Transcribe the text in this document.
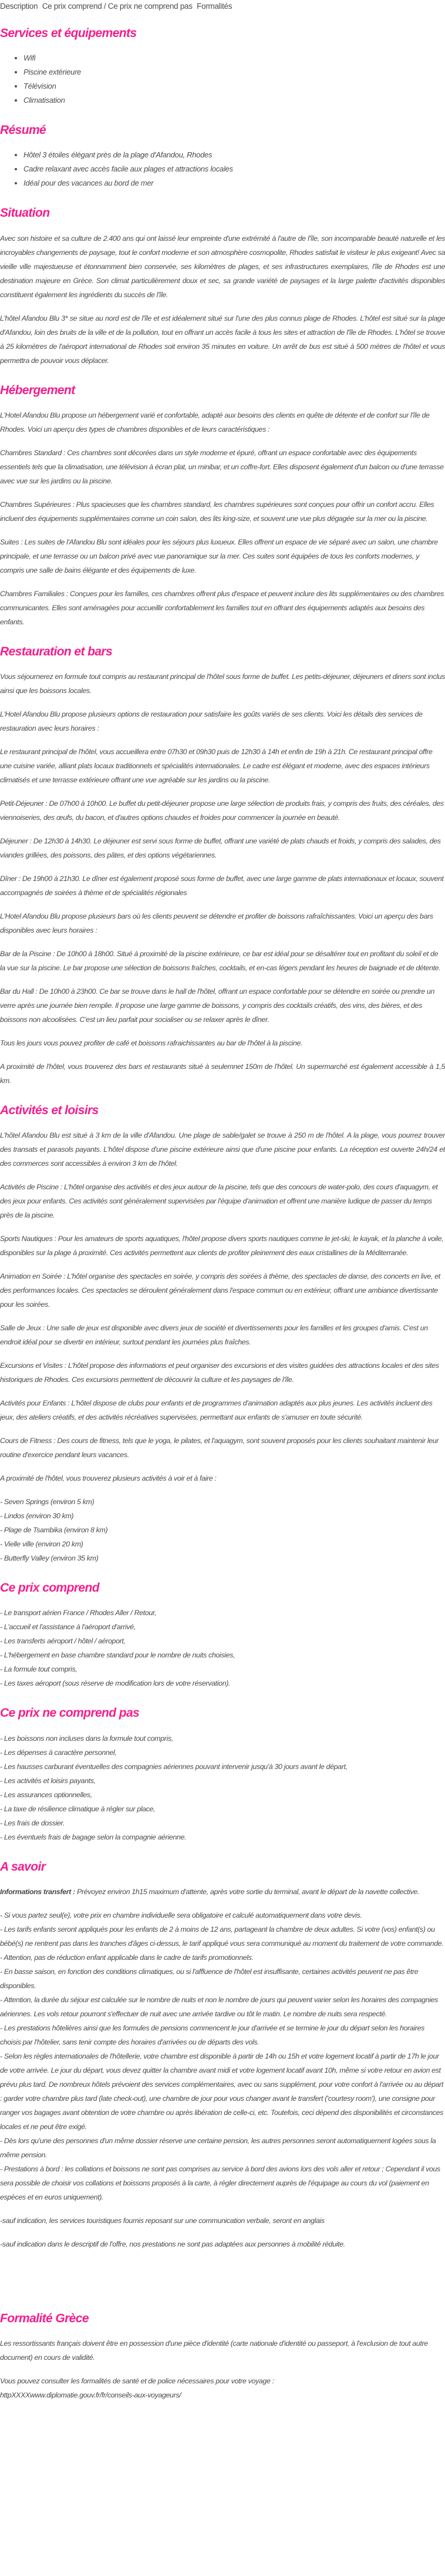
Description Ce prix comprend / Ce prix ne comprend pas Formalités
Services et équipements
• Wifi
• Piscine extérieure
• Télévision
• Climatisation
Résumé
• Hôtel 3 étoiles élégant près de la plage d'Afandou, Rhodes
• Cadre relaxant avec accès facile aux plages et attractions locales
• Idéal pour des vacances au bord de mer
Situation

Avec son histoire et sa culture de 2.400 ans qui ont laissé leur empreinte d'une extrémité à l'autre de l'île, son incomparable beauté naturelle et les incroyables changements de paysage, tout le confort moderne et son atmosphère cosmopolite, Rhodes satisfait le visiteur le plus exigeant! Avec sa vieille ville majestueuse et étonnamment bien conservée, ses kilomètres de plages, et ses infrastructures exemplaires, l'île de Rhodes est une destination majeure en Grèce. Son climat particulièrement doux et sec, sa grande variété de paysages et la large palette d'activités disponibles constituent également les ingrédients du succès de l'île.

L'hôtel Afandou Blu 3* se situe au nord est de l'île et est idéalement situé sur l'une des plus connus plage de Rhodes. L'hôtel est situé sur la plage d'Afandou, loin des bruits de la ville et de la pollution, tout en offrant un accès facile à tous les sites et attraction de l'île de Rhodes. L'hôtel se trouve à 25 kilomètres de l'aéroport international de Rhodes soit environ 35 minutes en voiture. Un arrêt de bus est situé à 500 mètres de l'hôtel et vous permettra de pouvoir vous déplacer.

Hébergement

L'Hotel Afandou Blu propose un hébergement varié et confortable, adapté aux besoins des clients en quête de détente et de confort sur l'île de Rhodes. Voici un aperçu des types de chambres disponibles et de leurs caractéristiques :

Chambres Standard : Ces chambres sont décorées dans un style moderne et épuré, offrant un espace confortable avec des équipements essentiels tels que la climatisation, une télévision à écran plat, un minibar, et un coffre-fort. Elles disposent également d'un balcon ou d'une terrasse avec vue sur les jardins ou la piscine.

Chambres Supérieures : Plus spacieuses que les chambres standard, les chambres supérieures sont conçues pour offrir un confort accru. Elles incluent des équipements supplémentaires comme un coin salon, des lits king-size, et souvent une vue plus dégagée sur la mer ou la piscine.

Suites : Les suites de l'Afandou Blu sont idéales pour les séjours plus luxueux. Elles offrent un espace de vie séparé avec un salon, une chambre principale, et une terrasse ou un balcon privé avec vue panoramique sur la mer. Ces suites sont équipées de tous les conforts modernes, y compris une salle de bains élégante et des équipements de luxe.

Chambres Familiales : Conçues pour les familles, ces chambres offrent plus d'espace et peuvent inclure des lits supplémentaires ou des chambres communicantes. Elles sont aménagées pour accueillir confortablement les familles tout en offrant des équipements adaptés aux besoins des enfants.

Restauration et bars

Vous séjournerez en formule tout compris au restaurant principal de l'hôtel sous forme de buffet. Les petits-déjeuner, déjeuners et diners sont inclus ainsi que les boissons locales.

L'Hotel Afandou Blu propose plusieurs options de restauration pour satisfaire les goûts variés de ses clients. Voici les détails des services de restauration avec leurs horaires :

Le restaurant principal de l'hôtel, vous accueillera entre 07h30 et 09h30 puis de 12h30 à 14h et enfin de 19h à 21h. Ce restaurant principal offre une cuisine variée, alliant plats locaux traditionnels et spécialités internationales. Le cadre est élégant et moderne, avec des espaces intérieurs climatisés et une terrasse extérieure offrant une vue agréable sur les jardins ou la piscine.

Petit-Déjeuner : De 07h00 à 10h00. Le buffet du petit-déjeuner propose une large sélection de produits frais, y compris des fruits, des céréales, des viennoiseries, des œufs, du bacon, et d'autres options chaudes et froides pour commencer la journée en beauté.

Déjeuner : De 12h30 à 14h30. Le déjeuner est servi sous forme de buffet, offrant une variété de plats chauds et froids, y compris des salades, des viandes grillées, des poissons, des pâtes, et des options végétariennes.

Dîner : De 19h00 à 21h30. Le dîner est également proposé sous forme de buffet, avec une large gamme de plats internationaux et locaux, souvent accompagnés de soirées à thème et de spécialités régionales

L'Hotel Afandou Blu propose plusieurs bars où les clients peuvent se détendre et profiter de boissons rafraîchissantes. Voici un aperçu des bars disponibles avec leurs horaires :

Bar de la Piscine : De 10h00 à 18h00. Situé à proximité de la piscine extérieure, ce bar est idéal pour se désaltérer tout en profitant du soleil et de la vue sur la piscine. Le bar propose une sélection de boissons fraîches, cocktails, et en-cas légers pendant les heures de baignade et de détente.

Bar du Hall : De 10h00 à 23h00. Ce bar se trouve dans le hall de l'hôtel, offrant un espace confortable pour se détendre en soirée ou prendre un verre après une journée bien remplie. Il propose une large gamme de boissons, y compris des cocktails créatifs, des vins, des bières, et des boissons non alcoolisées. C'est un lieu parfait pour socialiser ou se relaxer après le dîner.

Tous les jours vous pouvez profiter de café et boissons rafraichissantes au bar de l'hôtel à la piscine.

A proximité de l'hôtel, vous trouverez des bars et restaurants situé à seulemnet 150m de l'hôtel. Un supermarché est également accessible à 1,5 km.

Activités et loisirs

L'hôtel Afandou Blu est situé à 3 km de la ville d'Afandou. Une plage de sable/galet se trouve à 250 m de l'hôtel. A la plage, vous pourrez trouver des transats et parasols payants. L'hôtel dispose d'une piscine extérieure ainsi que d'une piscine pour enfants. La réception est ouverte 24h/24 et des commerces sont accessibles à environ 3 km de l'hôtel.

Activités de Piscine : L'hôtel organise des activités et des jeux autour de la piscine, tels que des concours de water-polo, des cours d'aquagym, et des jeux pour enfants. Ces activités sont généralement supervisées par l'équipe d'animation et offrent une manière ludique de passer du temps près de la piscine.

Sports Nautiques : Pour les amateurs de sports aquatiques, l'hôtel propose divers sports nautiques comme le jet-ski, le kayak, et la planche à voile, disponibles sur la plage à proximité. Ces activités permettent aux clients de profiter pleinement des eaux cristallines de la Méditerranée.

Animation en Soirée : L'hôtel organise des spectacles en soirée, y compris des soirées à thème, des spectacles de danse, des concerts en live, et des performances locales. Ces spectacles se déroulent généralement dans l'espace commun ou en extérieur, offrant une ambiance divertissante pour les soirées.

Salle de Jeux : Une salle de jeux est disponible avec divers jeux de société et divertissements pour les familles et les groupes d'amis. C'est un endroit idéal pour se divertir en intérieur, surtout pendant les journées plus fraîches.

Excursions et Visites : L'hôtel propose des informations et peut organiser des excursions et des visites guidées des attractions locales et des sites historiques de Rhodes. Ces excursions permettent de découvrir la culture et les paysages de l'île.

Activités pour Enfants : L'hôtel dispose de clubs pour enfants et de programmes d'animation adaptés aux plus jeunes. Les activités incluent des jeux, des ateliers créatifs, et des activités récréatives supervisées, permettant aux enfants de s'amuser en toute sécurité.

Cours de Fitness : Des cours de fitness, tels que le yoga, le pilates, et l'aquagym, sont souvent proposés pour les clients souhaitant maintenir leur routine d'exercice pendant leurs vacances.

A proximité de l'hôtel, vous trouverez plusieurs activités à voir et à faire :

- Seven Springs (environ 5 km)
- Lindos (environ 30 km)
- Plage de Tsambika (environ 8 km)
- Vielle ville (environ 20 km)
- Butterfly Valley (environ 35 km)
Ce prix comprend
- Le transport aérien France / Rhodes Aller / Retour,
- L'accueil et l'assistance à l'aéroport d'arrivé,
- Les transferts aéroport / hôtel / aéroport,
- L'hébergement en base chambre standard pour le nombre de nuits choisies,
- La formule tout compris,
- Les taxes aéroport (sous réserve de modification lors de votre réservation).
Ce prix ne comprend pas
- Les boissons non incluses dans la formule tout compris,
- Les dépenses à caractère personnel,
- Les hausses carburant éventuelles des compagnies aériennes pouvant intervenir jusqu'à 30 jours avant le départ,
- Les activités et loisirs payants,
- Les assurances optionnelles,
- La taxe de résilience climatique à régler sur place,
- Les frais de dossier.
- Les éventuels frais de bagage selon la compagnie aérienne.
A savoir

Informations transfert : Prévoyez environ 1h15 maximum d'attente, après votre sortie du terminal, avant le départ de la navette collective.

- Si vous partez seul(e), votre prix en chambre individuelle sera obligatoire et calculé automatiquement dans votre devis.
- Les tarifs enfants seront appliqués pour les enfants de 2 à moins de 12 ans, partageant la chambre de deux adultes. Si votre (vos) enfant(s) ou bébé(s) ne rentrent pas dans les tranches d'âges ci-dessus, le tarif appliqué vous sera communiqué au moment du traitement de votre commande.
- Attention, pas de réduction enfant applicable dans le cadre de tarifs promotionnels.
- En basse saison, en fonction des conditions climatiques, ou si l'affluence de l'hôtel est insuffisante, certaines activités peuvent ne pas être disponibles.
- Attention, la durée du séjour est calculée sur le nombre de nuits et non le nombre de jours qui peuvent varier selon les horaires des compagnies aériennes. Les vols retour pourront s'effectuer de nuit avec une arrivée tardive ou tôt le matin. Le nombre de nuits sera respecté.
- Les prestations hôtelières ainsi que les formules de pensions commencent le jour d'arrivée et se termine le jour du départ selon les horaires choisis par l'hôtelier, sans tenir compte des horaires d'arrivées ou de départs des vols.
- Selon les règles internationales de l'hôtellerie, votre chambre est disponible à partir de 14h ou 15h et votre logement locatif à partir de 17h le jour de votre arrivée. Le jour du départ, vous devez quitter la chambre avant midi et votre logement locatif avant 10h, même si votre retour en avion est prévu plus tard. De nombreux hôtels prévoient des services complémentaires, avec ou sans supplément, pour votre confort à l'arrivée ou au départ : garder votre chambre plus tard (late check-out), une chambre de jour pour vous changer avant le transfert ('courtesy room'), une consigne pour ranger vos bagages avant obtention de votre chambre ou après libération de celle-ci, etc. Toutefois, ceci dépend des disponibilités et circonstances locales et ne peut être exigé.
- Dès lors qu'une des personnes d'un même dossier réserve une certaine pension, les autres personnes seront automatiquement logées sous la même pension.
- Prestations à bord : les collations et boissons ne sont pas comprises au service à bord des avions lors des vols aller et retour ; Cependant il vous sera possible de choisir vos collations et boissons proposés à la carte, à régler directement auprès de l'équipage au cours du vol (paiement en espèces et en euros uniquement).

-sauf indication, les services touristiques fournis reposant sur une communication verbale, seront en anglais

-sauf indication dans le descriptif de l'offre, nos prestations ne sont pas adaptées aux personnes à mobilité réduite.

Formalité Grèce

Les ressortissants français doivent être en possession d'une pièce d'identité (carte nationale d'identité ou passeport, à l'exclusion de tout autre document) en cours de validité.

Vous pouvez consulter les formalités de santé et de police nécessaires pour votre voyage :
httpXXXXwww.diplomatie.gouv.fr/fr/conseils-aux-voyageurs/
